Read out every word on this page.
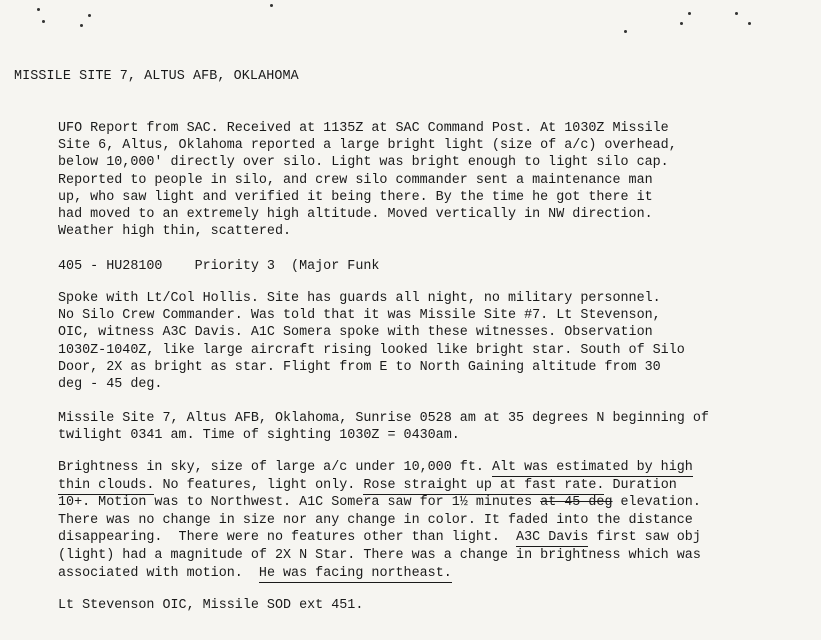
MISSILE SITE 7, ALTUS AFB, OKLAHOMA

UFO Report from SAC. Received at 1135Z at SAC Command Post. At 1030Z Missile
Site 6, Altus, Oklahoma reported a large bright light (size of a/c) overhead,
below 10,000' directly over silo. Light was bright enough to light silo cap.
Reported to people in silo, and crew silo commander sent a maintenance man
up, who saw light and verified it being there. By the time he got there it
had moved to an extremely high altitude. Moved vertically in NW direction.
Weather high thin, scattered.

405 - HU28100    Priority 3  (Major Funk

Spoke with Lt/Col Hollis. Site has guards all night, no military personnel.
No Silo Crew Commander. Was told that it was Missile Site #7. Lt Stevenson,
OIC, witness A3C Davis. A1C Somera spoke with these witnesses. Observation
1030Z-1040Z, like large aircraft rising looked like bright star. South of Silo
Door, 2X as bright as star. Flight from E to North Gaining altitude from 30
deg - 45 deg.

Missile Site 7, Altus AFB, Oklahoma, Sunrise 0528 am at 35 degrees N beginning of
twilight 0341 am. Time of sighting 1030Z = 0430am.

Brightness in sky, size of large a/c under 10,000 ft. Alt was estimated by high
thin clouds. No features, light only. Rose straight up at fast rate. Duration
10+. Motion was to Northwest. A1C Somera saw for 1½ minutes at 45 deg elevation.
There was no change in size nor any change in color. It faded into the distance
disappearing.  There were no features other than light.  A3C Davis first saw obj
(light) had a magnitude of 2X N Star. There was a change in brightness which was
associated with motion.  He was facing northeast.

Lt Stevenson OIC, Missile SOD ext 451.
